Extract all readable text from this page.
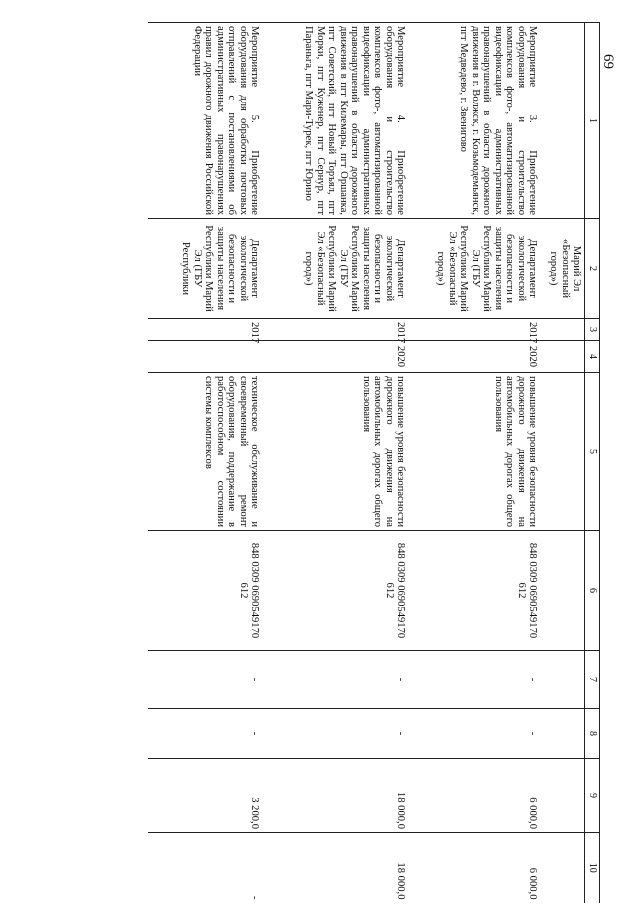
69
1	2	3	4	5	6	7	8	9	10
	Марий Эл «Безопасный город»)								
Мероприятие 3. Приобретение оборудования и строительство комплексов фото-, автоматизированной видеофиксации административных правонарушений в области дорожного движения в г. Волжск, г. Козьмодемьянск, пгт Медведево, г. Звенигово	Департамент экологической безопасности и защиты населения Республики Марий Эл (ГБУ Республики Марий Эл «Безопасный город»)	2017	2020	повышение уровня безопасности дорожного движения на автомобильных дорогах общего пользования	848 0309 0690549170 612	-	-	6 000,0	6 000,0
Мероприятие 4. Приобретение оборудования и строительство комплексов фото-, автоматизированной видеофиксации административных правонарушений в области дорожного движения в пгт Килемары, пгт Оршанка, пгт Советский, пгт Новый Торъял, пгт Морки, пгт Куженер, пгт Сернур, пгт Параньга, пгт Мари-Турек, пгт Юрино	Департамент экологической безопасности и защиты населения Республики Марий Эл (ГБУ Республики Марий Эл «Безопасный город»)	2017	2020	повышение уровня безопасности дорожного движения на автомобильных дорогах общего пользования	848 0309 0690549170 612	-	-	18 000,0	18 000,0
Мероприятие 5. Приобретение оборудования для обработки почтовых отправлений с постановлениями об административных правонарушениях правил дорожного движения Российской Федерации	Департамент экологической безопасности и защиты населения Республики Марий Эл (ГБУ Республики	2017		техническое обслуживание и своевременный ремонт оборудования, поддержание в работоспособном состоянии системы комплексов	848 0309 0690549170 612	-	-	3 200,0	-
